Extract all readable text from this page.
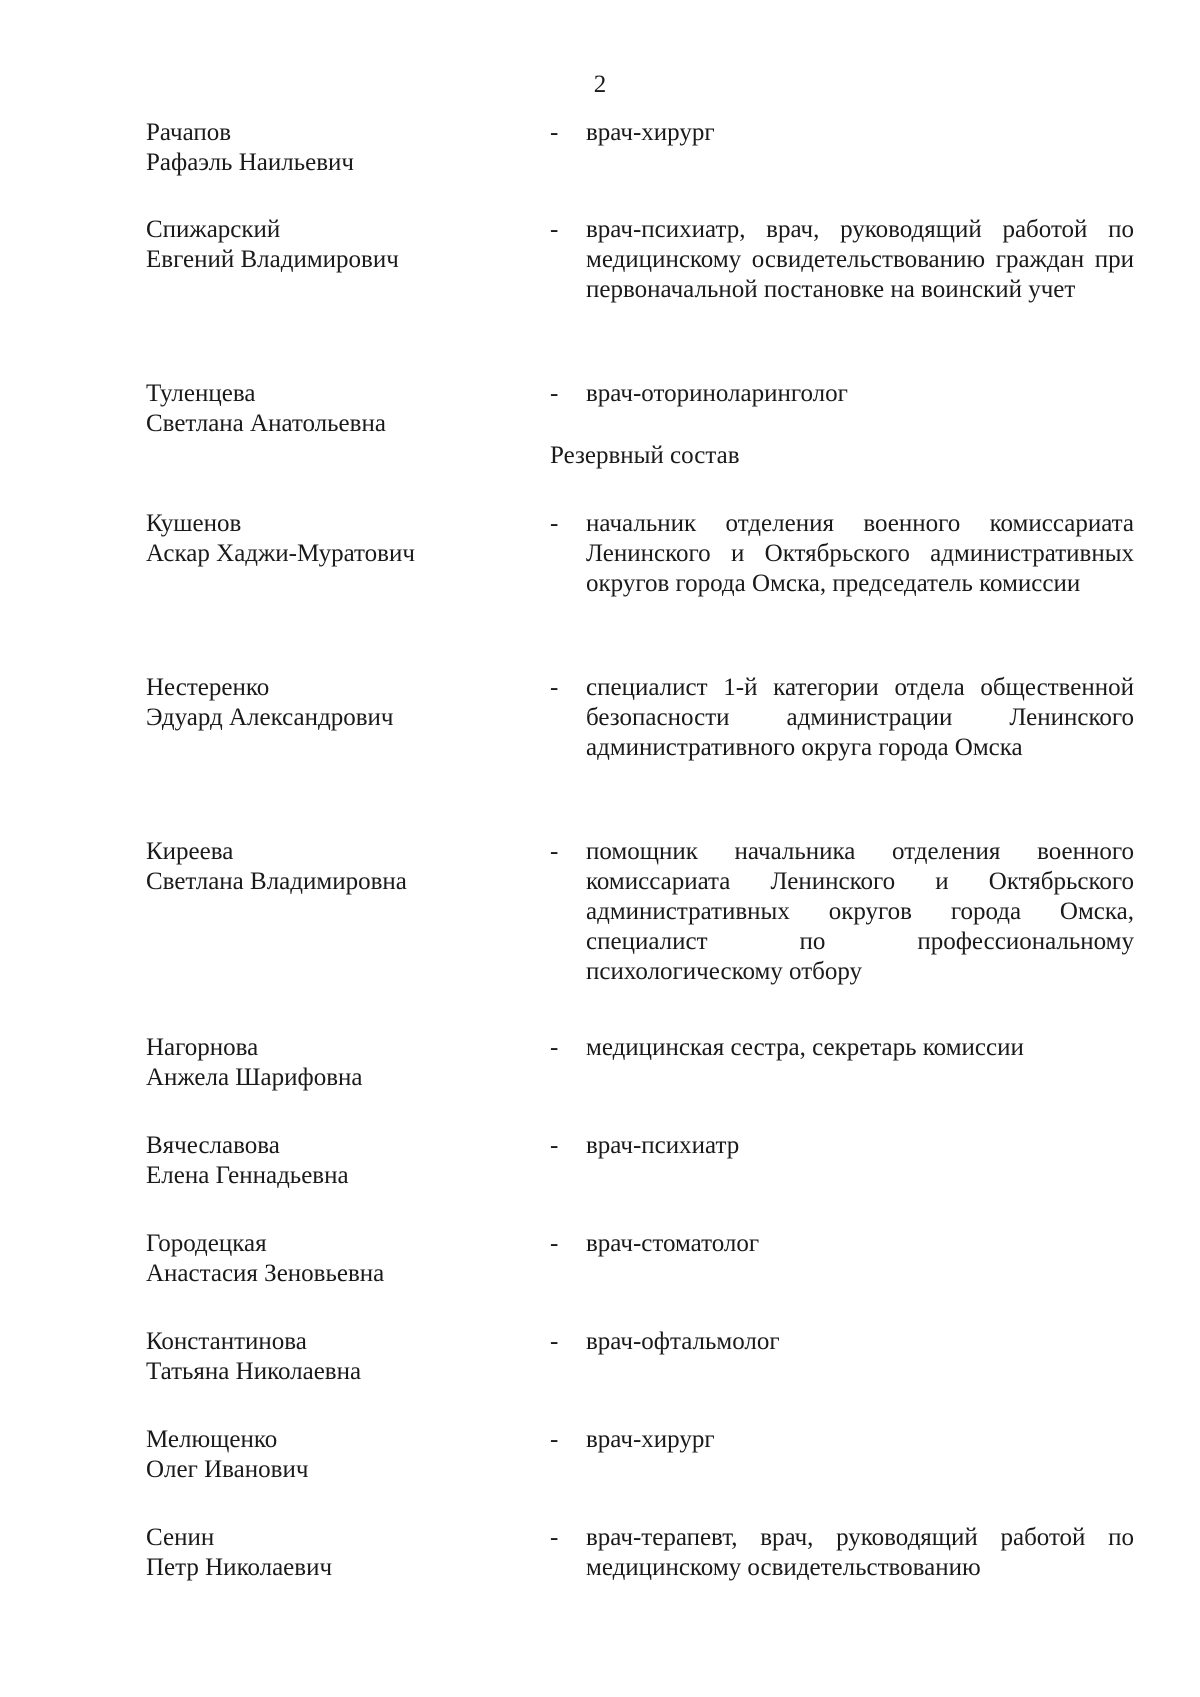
2
Резервный состав
Рачапов
Рафаэль Наильевич
- врач-хирург
Спижарский
Евгений Владимирович
- врач-психиатр, врач, руководящий работой по медицинскому освидетельствованию граждан при первоначальной постановке на воинский учет
Туленцева
Светлана Анатольевна
- врач-оториноларинголог
Кушенов
Аскар Хаджи-Муратович
- начальник отделения военного комиссариата Ленинского и Октябрьского административных округов города Омска, председатель комиссии
Нестеренко
Эдуард Александрович
- специалист 1-й категории отдела общественной безопасности администрации Ленинского административного округа города Омска
Киреева
Светлана Владимировна
- помощник начальника отделения военного комиссариата Ленинского и Октябрьского административных округов города Омска, специалист по профессиональному психологическому отбору
Нагорнова
Анжела Шарифовна
- медицинская сестра, секретарь комиссии
Вячеславова
Елена Геннадьевна
- врач-психиатр
Городецкая
Анастасия Зеновьевна
- врач-стоматолог
Константинова
Татьяна Николаевна
- врач-офтальмолог
Мелющенко
Олег Иванович
- врач-хирург
Сенин
Петр Николаевич
- врач-терапевт, врач, руководящий работой по медицинскому освидетельствованию
